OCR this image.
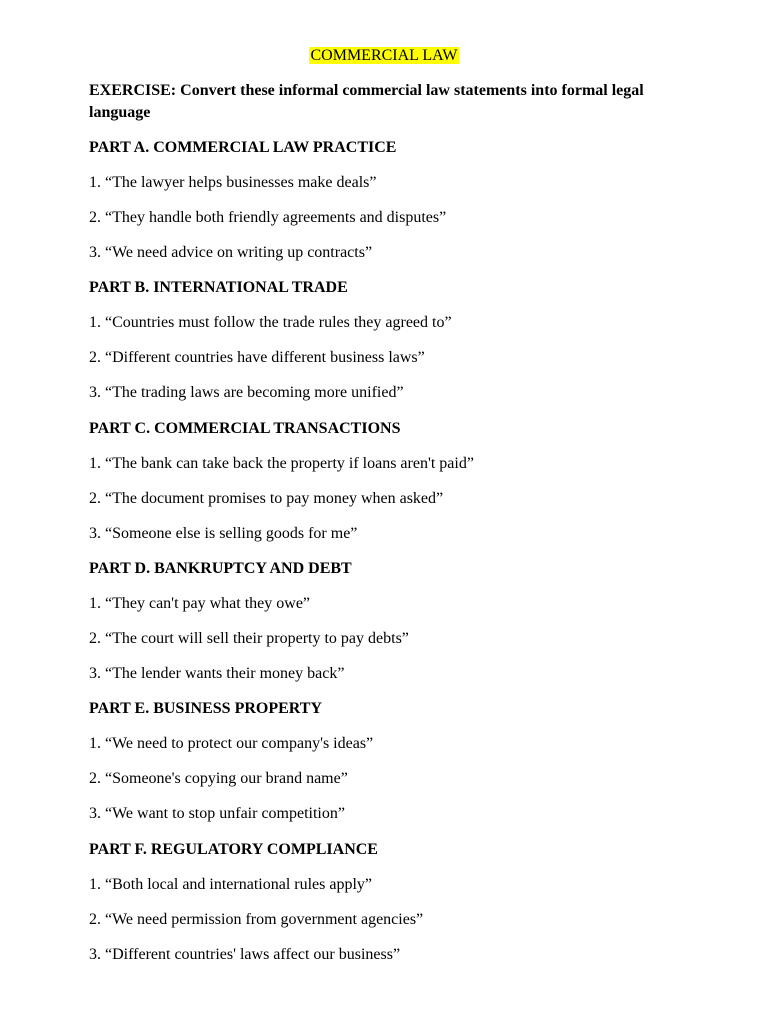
COMMERCIAL LAW
EXERCISE: Convert these informal commercial law statements into formal legal language
PART A. COMMERCIAL LAW PRACTICE
1. “The lawyer helps businesses make deals”
2. “They handle both friendly agreements and disputes”
3. “We need advice on writing up contracts”
PART B. INTERNATIONAL TRADE
1. “Countries must follow the trade rules they agreed to”
2. “Different countries have different business laws”
3. “The trading laws are becoming more unified”
PART C. COMMERCIAL TRANSACTIONS
1. “The bank can take back the property if loans aren't paid”
2. “The document promises to pay money when asked”
3. “Someone else is selling goods for me”
PART D. BANKRUPTCY AND DEBT
1. “They can't pay what they owe”
2. “The court will sell their property to pay debts”
3. “The lender wants their money back”
PART E. BUSINESS PROPERTY
1. “We need to protect our company's ideas”
2. “Someone's copying our brand name”
3. “We want to stop unfair competition”
PART F. REGULATORY COMPLIANCE
1. “Both local and international rules apply”
2. “We need permission from government agencies”
3. “Different countries' laws affect our business”
